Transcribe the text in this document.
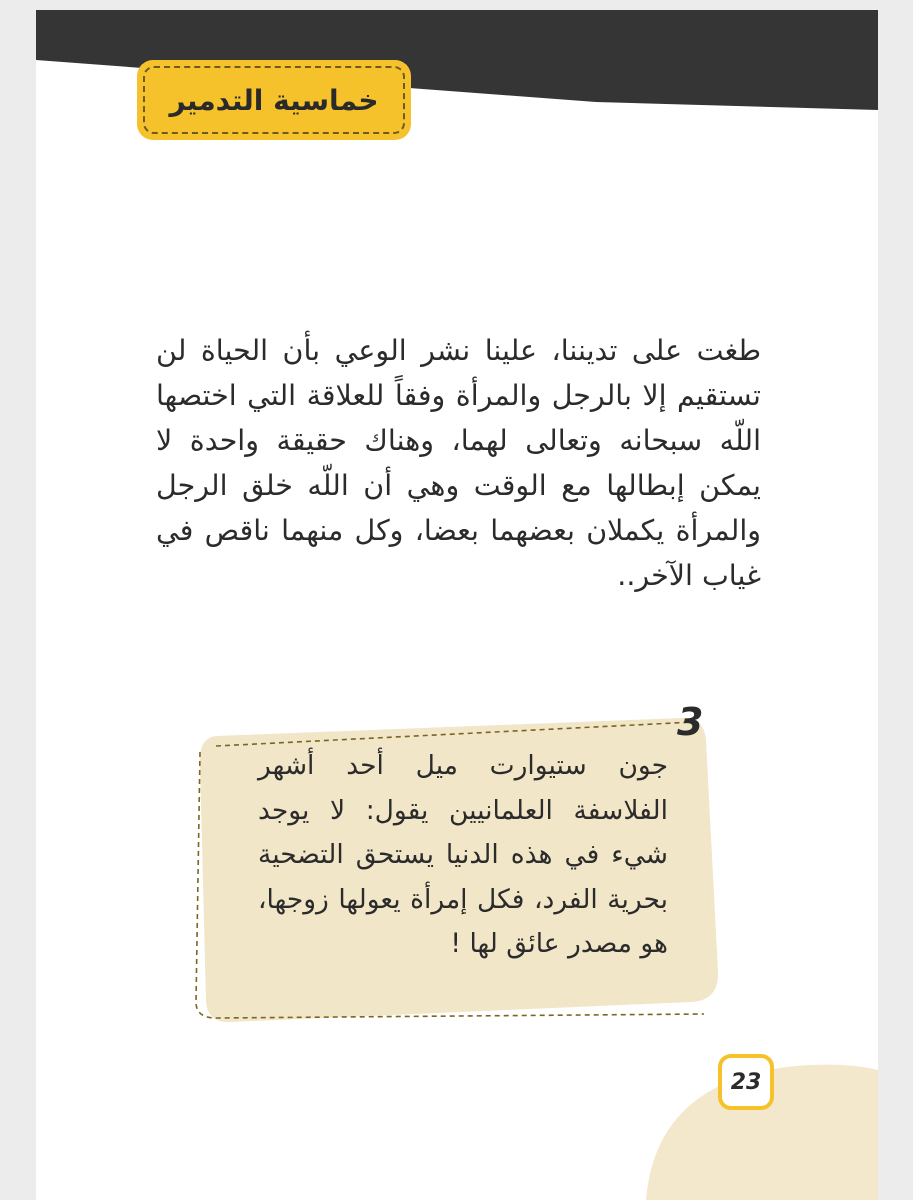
خماسية التدمير

طغت على تديننا، علينا نشر الوعي بأن الحياة لن تستقيم إلا بالرجل والمرأة وفقاً للعلاقة التي اختصها اللّه سبحانه وتعالى لهما، وهناك حقيقة واحدة لا يمكن إبطالها مع الوقت وهي أن اللّه خلق الرجل والمرأة يكملان بعضهما بعضا، وكل منهما ناقص في غياب الآخر..

3

جون ستيوارت ميل أحد أشهر الفلاسفة العلمانيين يقول: لا يوجد شيء في هذه الدنيا يستحق التضحية بحرية الفرد، فكل إمرأة يعولها زوجها، هو مصدر عائق لها !

23
